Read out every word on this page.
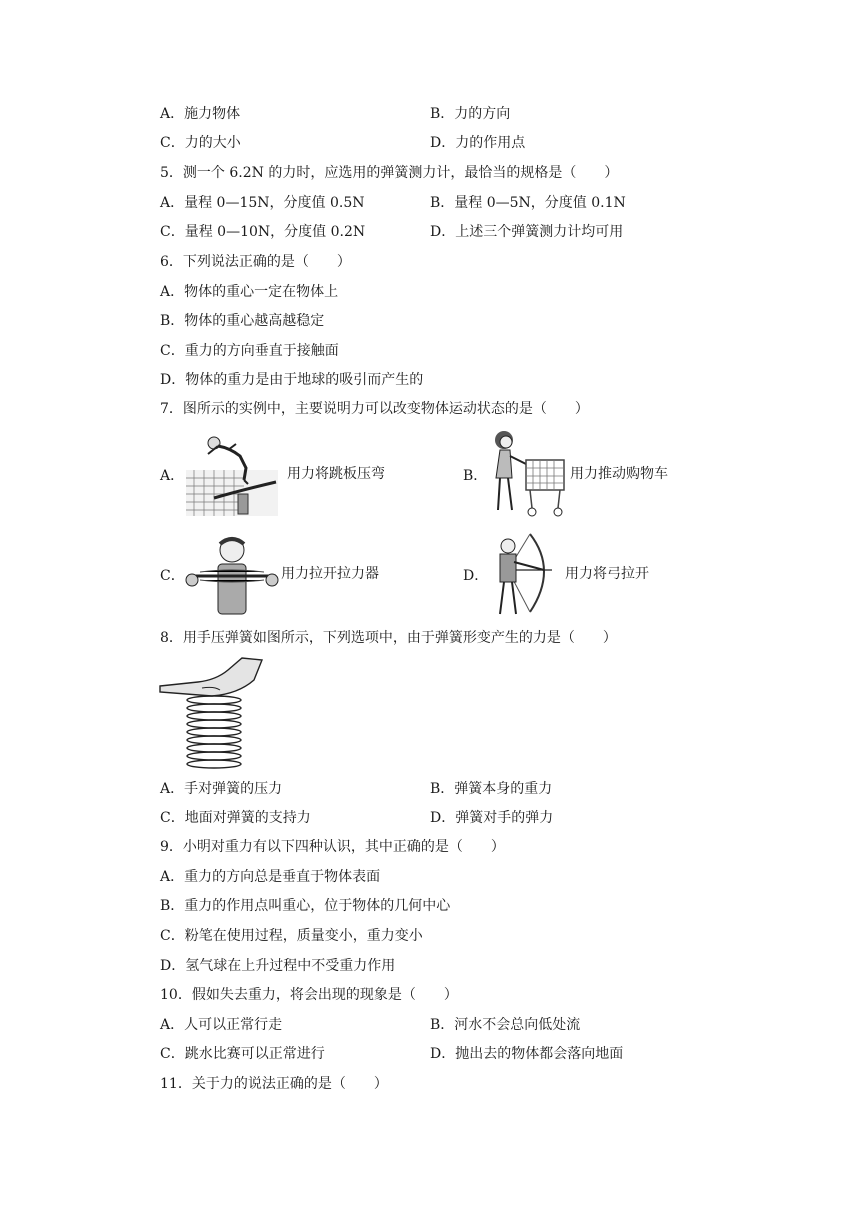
A．施力物体	B．力的方向
C．力的大小	D．力的作用点
5．测一个 6.2N 的力时，应选用的弹簧测力计，最恰当的规格是（　　）
A．量程 0—15N，分度值 0.5N	B．量程 0—5N，分度值 0.1N
C．量程 0—10N，分度值 0.2N	D．上述三个弹簧测力计均可用
6．下列说法正确的是（　　）
A．物体的重心一定在物体上
B．物体的重心越高越稳定
C．重力的方向垂直于接触面
D．物体的重力是由于地球的吸引而产生的
7．图所示的实例中，主要说明力可以改变物体运动状态的是（　　）
A．	用力将跳板压弯	B．	用力推动购物车
C．	用力拉开拉力器	D．	用力将弓拉开
8．用手压弹簧如图所示，下列选项中，由于弹簧形变产生的力是（　　）
A．手对弹簧的压力	B．弹簧本身的重力
C．地面对弹簧的支持力	D．弹簧对手的弹力
9．小明对重力有以下四种认识，其中正确的是（　　）
A．重力的方向总是垂直于物体表面
B．重力的作用点叫重心，位于物体的几何中心
C．粉笔在使用过程，质量变小，重力变小
D．氢气球在上升过程中不受重力作用
10．假如失去重力，将会出现的现象是（　　）
A．人可以正常行走	B．河水不会总向低处流
C．跳水比赛可以正常进行	D．抛出去的物体都会落向地面
11．关于力的说法正确的是（　　）
